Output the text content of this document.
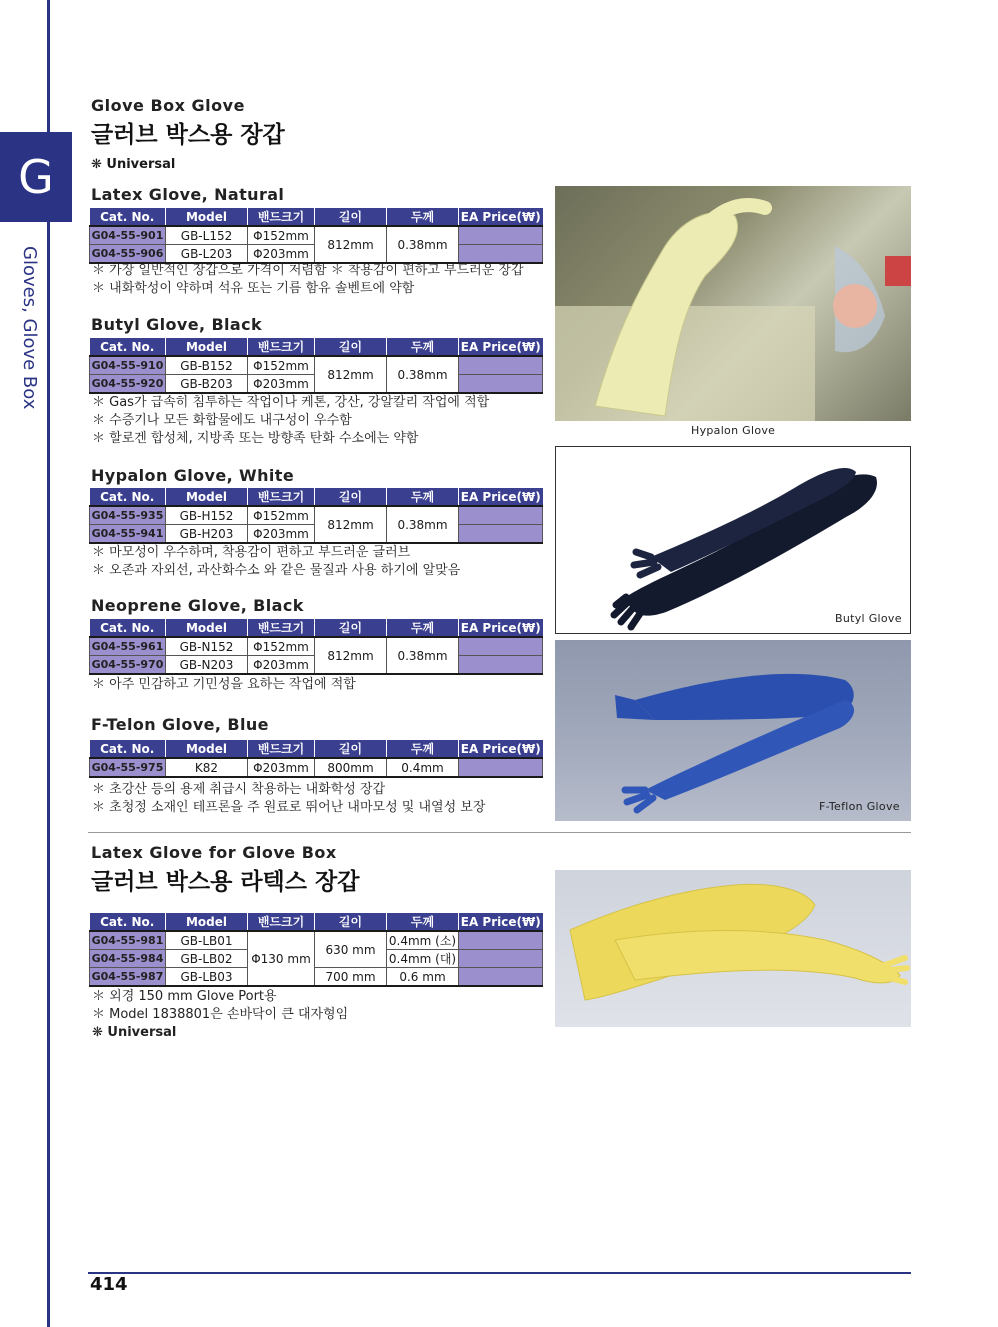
G
Gloves, Glove Box
Glove Box Glove
글러브 박스용 장갑
❋ Universal
Latex Glove, Natural
Cat. No.	Model	밴드크기	길이	두께	EA Price(₩)
G04-55-901	GB-L152	Φ152mm	812mm	0.38mm	
G04-55-906	GB-L203	Φ203mm			
＊ 가장 일반적인 장갑으로 가격이 저렴함 ＊ 착용감이 편하고 부드러운 장갑
＊ 내화학성이 약하며 석유 또는 기름 함유 솔벤트에 약함
Butyl Glove, Black
Cat. No.	Model	밴드크기	길이	두께	EA Price(₩)
G04-55-910	GB-B152	Φ152mm	812mm	0.38mm	
G04-55-920	GB-B203	Φ203mm			
＊ Gas가 급속히 침투하는 작업이나 케톤, 강산, 강알칼리 작업에 적합
＊ 수증기나 모든 화합물에도 내구성이 우수함
＊ 할로겐 합성체, 지방족 또는 방향족 탄화 수소에는 약함
Hypalon Glove, White
Cat. No.	Model	밴드크기	길이	두께	EA Price(₩)
G04-55-935	GB-H152	Φ152mm	812mm	0.38mm	
G04-55-941	GB-H203	Φ203mm			
＊ 마모성이 우수하며, 착용감이 편하고 부드러운 글러브
＊ 오존과 자외선, 과산화수소 와 같은 물질과 사용 하기에 알맞음
Neoprene Glove, Black
Cat. No.	Model	밴드크기	길이	두께	EA Price(₩)
G04-55-961	GB-N152	Φ152mm	812mm	0.38mm	
G04-55-970	GB-N203	Φ203mm			
＊ 아주 민감하고 기민성을 요하는 작업에 적합
F-Telon Glove, Blue
Cat. No.	Model	밴드크기	길이	두께	EA Price(₩)
G04-55-975	K82	Φ203mm	800mm	0.4mm	
＊ 초강산 등의 용제 취급시 착용하는 내화학성 장갑
＊ 초청정 소재인 테프론을 주 원료로 뛰어난 내마모성 및 내열성 보장
Latex Glove for Glove Box
글러브 박스용 라텍스 장갑
Cat. No.	Model	밴드크기	길이	두께	EA Price(₩)
G04-55-981	GB-LB01	Φ130 mm	630 mm	0.4mm (소)	
G04-55-984	GB-LB02			0.4mm (대)	
G04-55-987	GB-LB03		700 mm	0.6 mm	
＊ 외경 150 mm Glove Port용
＊ Model 1838801은 손바닥이 큰 대자형임
❋ Universal
Hypalon Glove
Butyl Glove
F-Teflon Glove
414
